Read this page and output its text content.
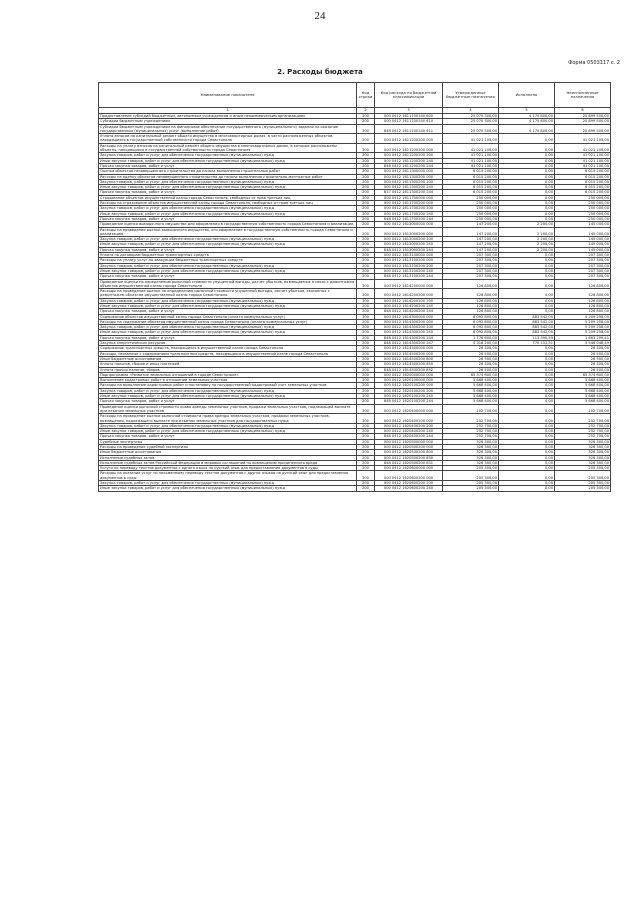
24
Форма 0503117 с. 2
2. Расходы бюджета
Наименование показателя	Код строки	Код расхода по бюджетной классификации	Утвержденные бюджетные назначения	Исполнено	Неисполненные назначения
1	2	3	4	5	6
Предоставление субсидий бюджетным, автономным учреждениям и иным некоммерческим организациям	200	000 0412 1611100140 600	25 070 300,00	4 170 800,00	20 899 500,00
Субсидии бюджетным учреждениям	200	000 0412 1611100140 610	25 070 300,00	4 170 800,00	20 899 500,00
Субсидии бюджетным учреждениям на финансовое обеспечение государственного (муниципального) задания на оказание государственных (муниципальных) услуг (выполнение работ)	200	848 0412 1611100140 611	25 070 300,00	4 170 800,00	20 899 500,00
Уплата взносов на капитальный ремонт общего имущества в многоквартирных домах, в части расположенных объектов, находящихся в государственной собственности города Севастополя	200	000 0412 1611200200 000	41 021 100,00	0,00	41 021 100,00
Расходы на уплату взносов на капитальный ремонт общего имущества в многоквартирных домах, в которых расположены объекты, находящиеся в государственной собственности города Севастополя	200	000 0412 1611200200 000	41 021 100,00	0,00	41 021 100,00
Закупка товаров, работ и услуг для обеспечения государственных (муниципальных) нужд	200	000 0412 1611200200 200	41 021 100,00	0,00	41 021 100,00
Иные закупки товаров, работ и услуг для обеспечения государственных (муниципальных) нужд	200	000 0412 1611200200 240	41 021 100,00	0,00	41 021 100,00
Прочая закупка товаров, работ и услуг	200	848 0412 1611200200 244	41 021 100,00	0,00	41 021 100,00
Оценка объектов незавершенного строительства до начала выполнения строительных работ	200	000 0412 1611300000 000	6 015 200,00	0,00	6 015 200,00
Расходы на оценку объектов незавершенного строительства до начала выполнения строительно-монтажных работ	200	000 0412 1611300200 000	6 015 200,00	0,00	6 015 200,00
Закупка товаров, работ и услуг для обеспечения государственных (муниципальных) нужд	200	000 0412 1611300200 200	6 015 200,00	0,00	6 015 200,00
Иные закупки товаров, работ и услуг для обеспечения государственных (муниципальных) нужд	200	000 0412 1611300200 240	6 015 200,00	0,00	6 015 200,00
Прочая закупка товаров, работ и услуг	200	817 0412 1611300200 244	6 015 200,00	0,00	6 015 200,00
Страхование объектов имущественной казны города Севастополя, свободных от прав третьих лиц	200	000 0412 1611700000 000	250 000,00	0,00	250 000,00
Расходы на страхование объектов имущественной казны города Севастополя, свободных от прав третьих лиц	200	000 0412 1611700200 000	250 000,00	0,00	250 000,00
Закупка товаров, работ и услуг для обеспечения государственных (муниципальных) нужд	200	000 0412 1611700200 200	250 000,00	0,00	250 000,00
Иные закупки товаров, работ и услуг для обеспечения государственных (муниципальных) нужд	200	000 0412 1611700200 240	250 000,00	0,00	250 000,00
Прочая закупка товаров, работ и услуг	200	848 0412 1611700200 244	250 000,00	0,00	250 000,00
Проведение оценки выморочного имущества для оформления в государственную собственность города Севастополя и реализации	200	000 0412 1612000000 000	147 200,00	2 200,00	145 000,00
Расходы на проведение оценки выморочного имущества, его оформление в государственную собственность города Севастополя и реализацию	200	000 0412 1612000200 000	147 200,00	2 200,00	145 000,00
Закупка товаров, работ и услуг для обеспечения государственных (муниципальных) нужд	200	000 0412 1612000200 200	147 200,00	2 200,00	145 000,00
Иные закупки товаров, работ и услуг для обеспечения государственных (муниципальных) нужд	200	000 0412 1612000200 240	147 200,00	2 200,00	145 000,00
Прочая закупка товаров, работ и услуг	200	848 0412 1612000200 244	147 200,00	2 200,00	145 000,00
Уплата по договорам бюджетных транспортных средств	200	000 0412 1613100000 000	207 300,00	0,00	207 300,00
Расходы на уплату услуг по эвакуации бюджетных транспортных средств	200	000 0412 1613100200 000	207 300,00	0,00	207 300,00
Закупка товаров, работ и услуг для обеспечения государственных (муниципальных) нужд	200	000 0412 1613100200 200	207 300,00	0,00	207 300,00
Иные закупки товаров, работ и услуг для обеспечения государственных (муниципальных) нужд	200	000 0412 1613100200 240	207 300,00	0,00	207 300,00
Прочая закупка товаров, работ и услуг	200	848 0412 1613100200 244	207 300,00	0,00	207 300,00
Проведение оценки по определению рыночной стоимости упущенной выгоды, расчет убытков, возмещаемых в связи с демонтажем объектов имущественной казны города Севастополя	200	000 0412 1614200000 000	126 800,00	0,00	126 800,00
Расходы на проведение оценки по определению рыночной стоимости упущенной выгоды, расчет убытков, связанных с демонтажем объектов имущественной казны города Севастополя	200	000 0412 1614200200 000	126 800,00	0,00	126 800,00
Закупка товаров, работ и услуг для обеспечения государственных (муниципальных) нужд	200	000 0412 1614200200 200	126 800,00	0,00	126 800,00
Иные закупки товаров, работ и услуг для обеспечения государственных (муниципальных) нужд	200	000 0412 1614200200 240	126 800,00	0,00	126 800,00
Прочая закупка товаров, работ и услуг	200	848 0412 1614200200 244	126 800,00	0,00	126 800,00
Содержание объектов имущественной казны города Севастополя (оплата коммунальных услуг)	200	000 0412 1614300000 000	6 092 800,00	883 542,00	5 209 258,00
Расходы на содержание объектов имущественной казны города Севастополя (оплата коммунальных услуг)	200	000 0412 1614300200 000	6 092 800,00	883 542,00	5 209 258,00
Закупка товаров, работ и услуг для обеспечения государственных (муниципальных) нужд	200	000 0412 1614300200 200	6 092 800,00	883 542,00	5 209 258,00
Иные закупки товаров, работ и услуг для обеспечения государственных (муниципальных) нужд	200	000 0412 1614300200 240	6 092 800,00	883 542,00	5 209 258,00
Прочая закупка товаров, работ и услуг	200	848 0412 1614300200 244	1 776 600,00	113 390,59	1 663 209,41
Закупка энергетических ресурсов	200	848 0412 1614300200 247	4 316 200,00	770 151,51	3 546 048,49
Содержание транспортных средств, находящихся в имущественной казне города Севастополя	200	000 0412 1614500000 000	26 500,00	0,00	26 500,00
Расходы, связанные с содержанием транспортных средств, находящихся в имущественной казне города Севастополя	200	000 0412 1614500200 000	26 500,00	0,00	26 500,00
Иные бюджетные ассигнования	200	000 0412 1614500200 800	26 500,00	0,00	26 500,00
Уплата налогов, сборов и иных платежей	200	000 0412 1614500200 850	26 500,00	0,00	26 500,00
Уплата прочих налогов, сборов	200	848 0412 1614500200 852	26 500,00	0,00	26 500,00
Подпрограмма «Развитие земельных отношений в городе Севастополе»	200	000 0412 1620000000 000	65 374 600,00	0,00	65 374 600,00
Выполнение кадастровых работ в отношении земельных участков	200	000 0412 1620100000 000	5 668 400,00	0,00	5 668 400,00
Расходы на выполнение кадастровых работ и постановку на государственный кадастровый учет земельных участков	200	000 0412 1620100200 000	5 668 400,00	0,00	5 668 400,00
Закупка товаров, работ и услуг для обеспечения государственных (муниципальных) нужд	200	000 0412 1620100200 200	5 668 400,00	0,00	5 668 400,00
Иные закупки товаров, работ и услуг для обеспечения государственных (муниципальных) нужд	200	000 0412 1620100200 240	5 668 400,00	0,00	5 668 400,00
Прочая закупка товаров, работ и услуг	200	848 0412 1620100200 244	5 668 400,00	0,00	5 668 400,00
Проведение оценки рыночной стоимости права аренды земельных участков, продажи земельных участков, подлежащей выплате при изъятии земельных участков	200	000 0412 1620400000 000	252 700,00	0,00	252 700,00
Расходы на проведение оценки рыночной стоимости права аренды земельных участков, продажи земельных участков, возмещения, подлежащего выплате при изъятии земельных участков для государственных нужд	200	000 0412 1620400200 000	252 700,00	0,00	252 700,00
Закупка товаров, работ и услуг для обеспечения государственных (муниципальных) нужд	200	000 0412 1620400200 200	252 700,00	0,00	252 700,00
Иные закупки товаров, работ и услуг для обеспечения государственных (муниципальных) нужд	200	000 0412 1620400200 240	252 700,00	0,00	252 700,00
Прочая закупка товаров, работ и услуг	200	848 0412 1620400200 244	252 700,00	0,00	252 700,00
Судебные экспертизы	200	000 0412 1620500000 000	326 300,00	0,00	326 300,00
Расходы на проведение судебной экспертизы	200	000 0412 1620500200 000	326 300,00	0,00	326 300,00
Иные бюджетные ассигнования	200	000 0412 1620500200 800	326 300,00	0,00	326 300,00
Исполнение судебных актов	200	000 0412 1620500200 830	326 300,00	0,00	326 300,00
Исполнение судебных актов Российской Федерации и мировых соглашений по возмещению причиненного вреда	200	848 0412 1620500200 831	326 300,00	0,00	326 300,00
Услуги по переводу текстов документов с одного языка на русский язык для предоставления документов в суды	200	000 0412 1620600000 000	205 300,00	0,00	205 300,00
Расходы на оказание услуг по письменному переводу текстов документов с других языков на русский язык для предоставления документов в суды	200	000 0412 1620600200 000	205 300,00	0,00	205 300,00
Закупка товаров, работ и услуг для обеспечения государственных (муниципальных) нужд	200	000 0412 1620600200 200	205 300,00	0,00	205 300,00
Иные закупки товаров, работ и услуг для обеспечения государственных (муниципальных) нужд	200	000 0412 1620600200 240	205 300,00	0,00	205 300,00
